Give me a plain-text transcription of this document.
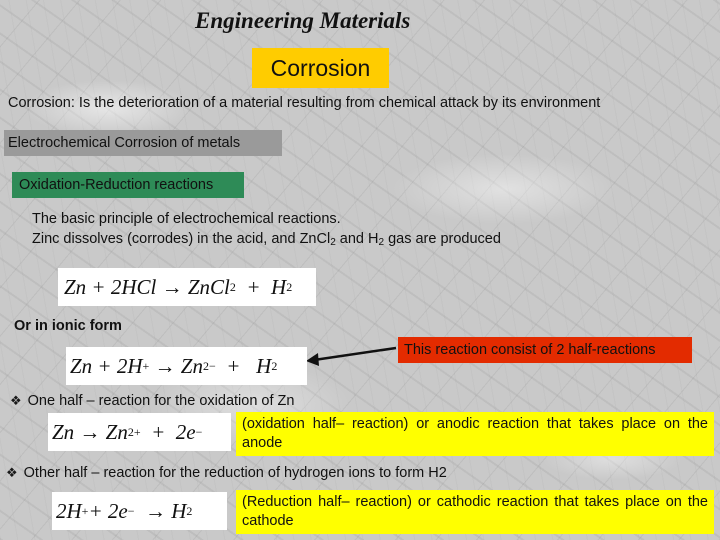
Engineering Materials
Corrosion
Corrosion: Is the deterioration of a material resulting from chemical attack by its environment
Electrochemical Corrosion of metals
Oxidation-Reduction reactions
The basic principle of electrochemical reactions.
Zinc dissolves (corrodes) in the acid, and ZnCl$_2$ and $H_2$ gas are produced
Zn + 2HCl → ZnCl 2 +  H 2
Or in ionic form
This reaction consist of 2 half-reactions
Zn + 2H + → Zn 2− +   H 2
❖ One half – reaction for the oxidation of Zn
Zn → Zn 2+ +  2e −	(oxidation half– reaction) or anodic reaction that takes place on the anode
❖ Other half – reaction for the reduction of hydrogen ions to form H2
2H + + 2e − → H 2
(Reduction half– reaction) or cathodic reaction that takes place on the cathode
